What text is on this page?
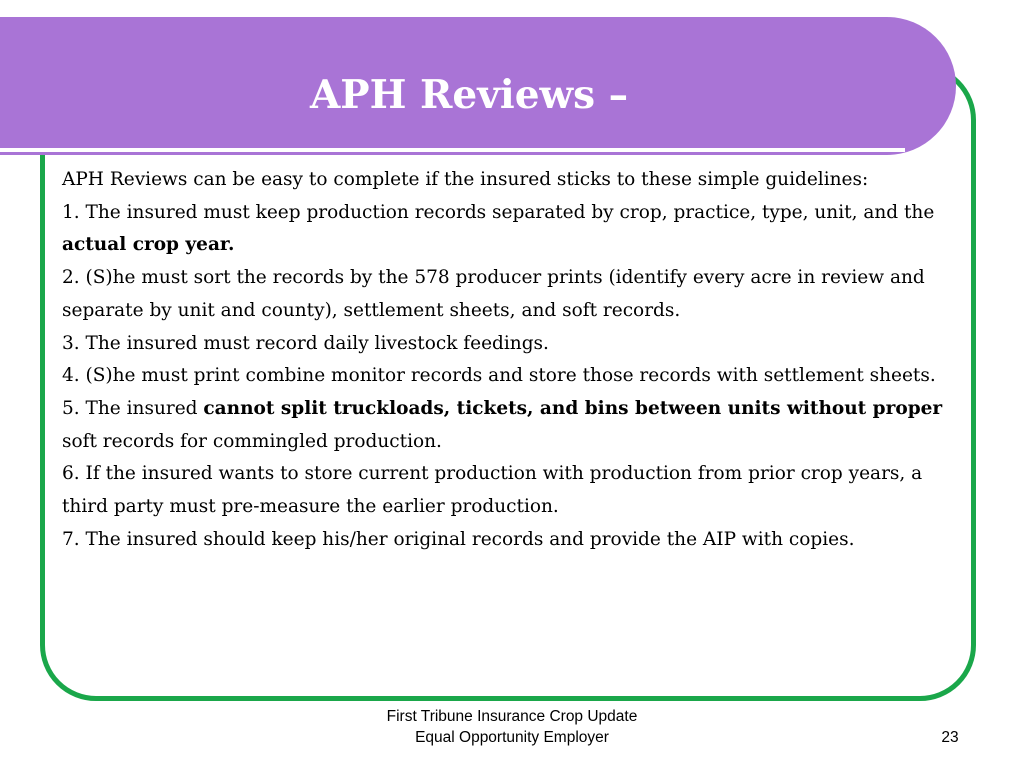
APH Reviews –

APH Reviews can be easy to complete if the insured sticks to these simple guidelines:

1. The insured must keep production records separated by crop, practice, type, unit, and the actual crop year.

2. (S)he must sort the records by the 578 producer prints (identify every acre in review and separate by unit and county), settlement sheets, and soft records.

3. The insured must record daily livestock feedings.

4. (S)he must print combine monitor records and store those records with settlement sheets.

5. The insured cannot split truckloads, tickets, and bins between units without proper soft records for commingled production.

6. If the insured wants to store current production with production from prior crop years, a third party must pre-measure the earlier production.

7. The insured should keep his/her original records and provide the AIP with copies.

First Tribune Insurance Crop Update
Equal Opportunity Employer	23
